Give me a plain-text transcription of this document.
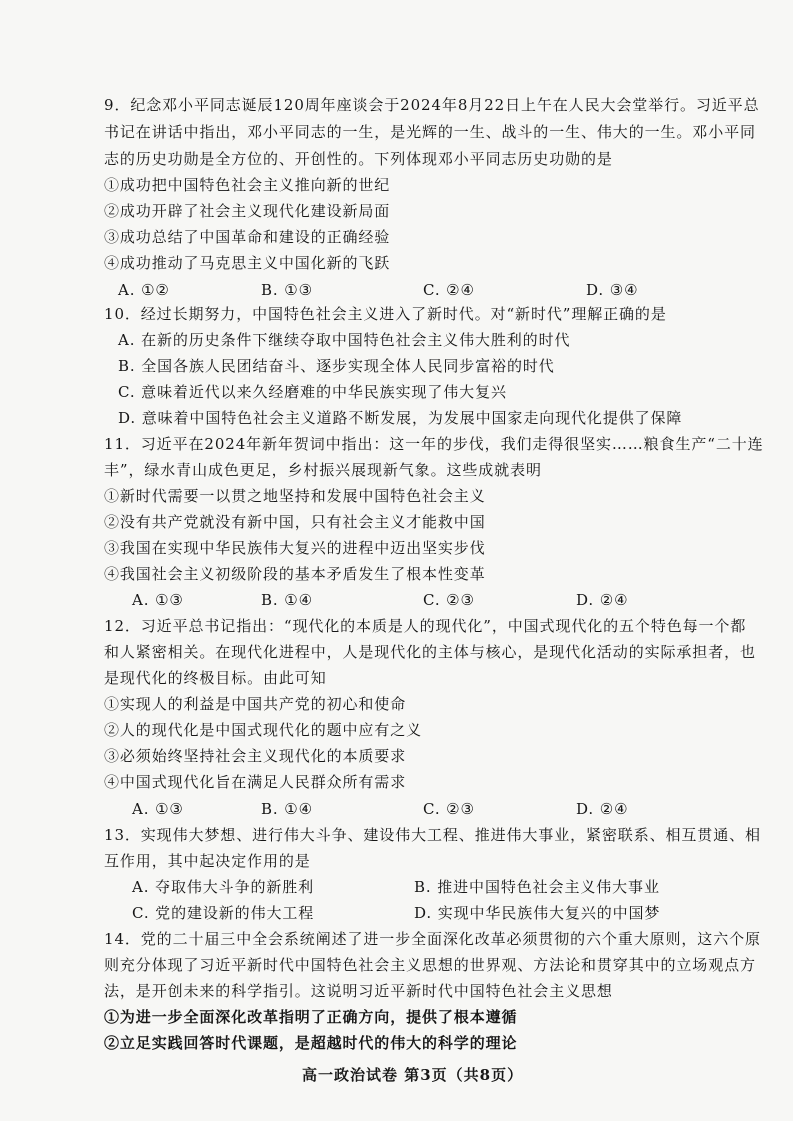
9．纪念邓小平同志诞辰120周年座谈会于2024年8月22日上午在人民大会堂举行。习近平总
书记在讲话中指出，邓小平同志的一生，是光辉的一生、战斗的一生、伟大的一生。邓小平同
志的历史功勋是全方位的、开创性的。下列体现邓小平同志历史功勋的是
①成功把中国特色社会主义推向新的世纪
②成功开辟了社会主义现代化建设新局面
③成功总结了中国革命和建设的正确经验
④成功推动了马克思主义中国化新的飞跃
A. ①②	B. ①③	C. ②④	D. ③④
10．经过长期努力，中国特色社会主义进入了新时代。对“新时代”理解正确的是
A. 在新的历史条件下继续夺取中国特色社会主义伟大胜利的时代
B. 全国各族人民团结奋斗、逐步实现全体人民同步富裕的时代
C. 意味着近代以来久经磨难的中华民族实现了伟大复兴
D. 意味着中国特色社会主义道路不断发展，为发展中国家走向现代化提供了保障
11．习近平在2024年新年贺词中指出：这一年的步伐，我们走得很坚实……粮食生产“二十连
丰”，绿水青山成色更足，乡村振兴展现新气象。这些成就表明
①新时代需要一以贯之地坚持和发展中国特色社会主义
②没有共产党就没有新中国，只有社会主义才能救中国
③我国在实现中华民族伟大复兴的进程中迈出坚实步伐
④我国社会主义初级阶段的基本矛盾发生了根本性变革
A. ①③	B. ①④	C. ②③	D. ②④
12．习近平总书记指出：“现代化的本质是人的现代化”，中国式现代化的五个特色每一个都
和人紧密相关。在现代化进程中，人是现代化的主体与核心，是现代化活动的实际承担者，也
是现代化的终极目标。由此可知
①实现人的利益是中国共产党的初心和使命
②人的现代化是中国式现代化的题中应有之义
③必须始终坚持社会主义现代化的本质要求
④中国式现代化旨在满足人民群众所有需求
A. ①③	B. ①④	C. ②③	D. ②④
13．实现伟大梦想、进行伟大斗争、建设伟大工程、推进伟大事业，紧密联系、相互贯通、相
互作用，其中起决定作用的是
A. 夺取伟大斗争的新胜利	B. 推进中国特色社会主义伟大事业
C. 党的建设新的伟大工程	D. 实现中华民族伟大复兴的中国梦
14．党的二十届三中全会系统阐述了进一步全面深化改革必须贯彻的六个重大原则，这六个原
则充分体现了习近平新时代中国特色社会主义思想的世界观、方法论和贯穿其中的立场观点方
法，是开创未来的科学指引。这说明习近平新时代中国特色社会主义思想
①为进一步全面深化改革指明了正确方向，提供了根本遵循
②立足实践回答时代课题，是超越时代的伟大的科学的理论
高一政治试卷 第3页（共8页）
